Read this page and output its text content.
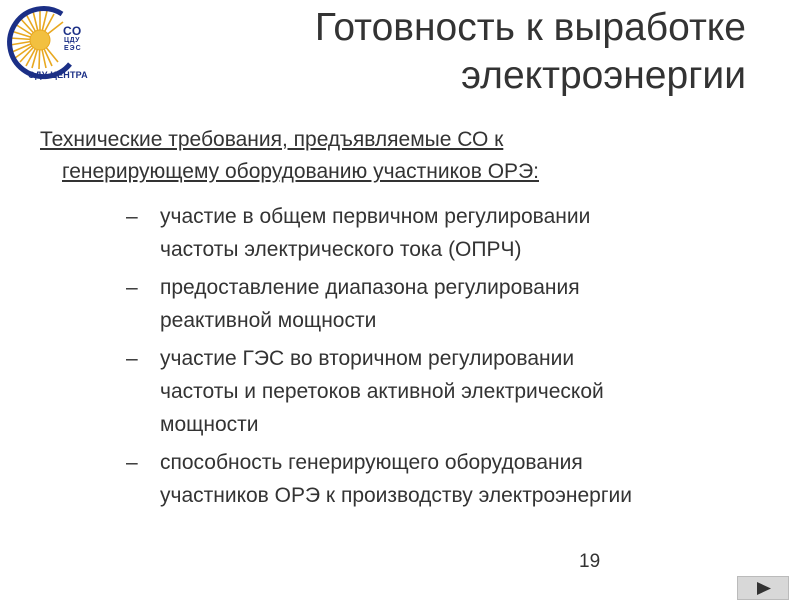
СО
ЦДУ
ЕЭС
ОДУ ЦЕНТРА
Готовность к выработке
электроэнергии
Технические требования, предъявляемые СО к
генерирующему оборудованию участников ОРЭ:
– участие в общем первичном регулировании
частоты электрического тока (ОПРЧ)
– предоставление диапазона регулирования
реактивной мощности
– участие ГЭС во вторичном регулировании
частоты и перетоков активной электрической
мощности
– способность генерирующего оборудования
участников ОРЭ к производству электроэнергии
19
